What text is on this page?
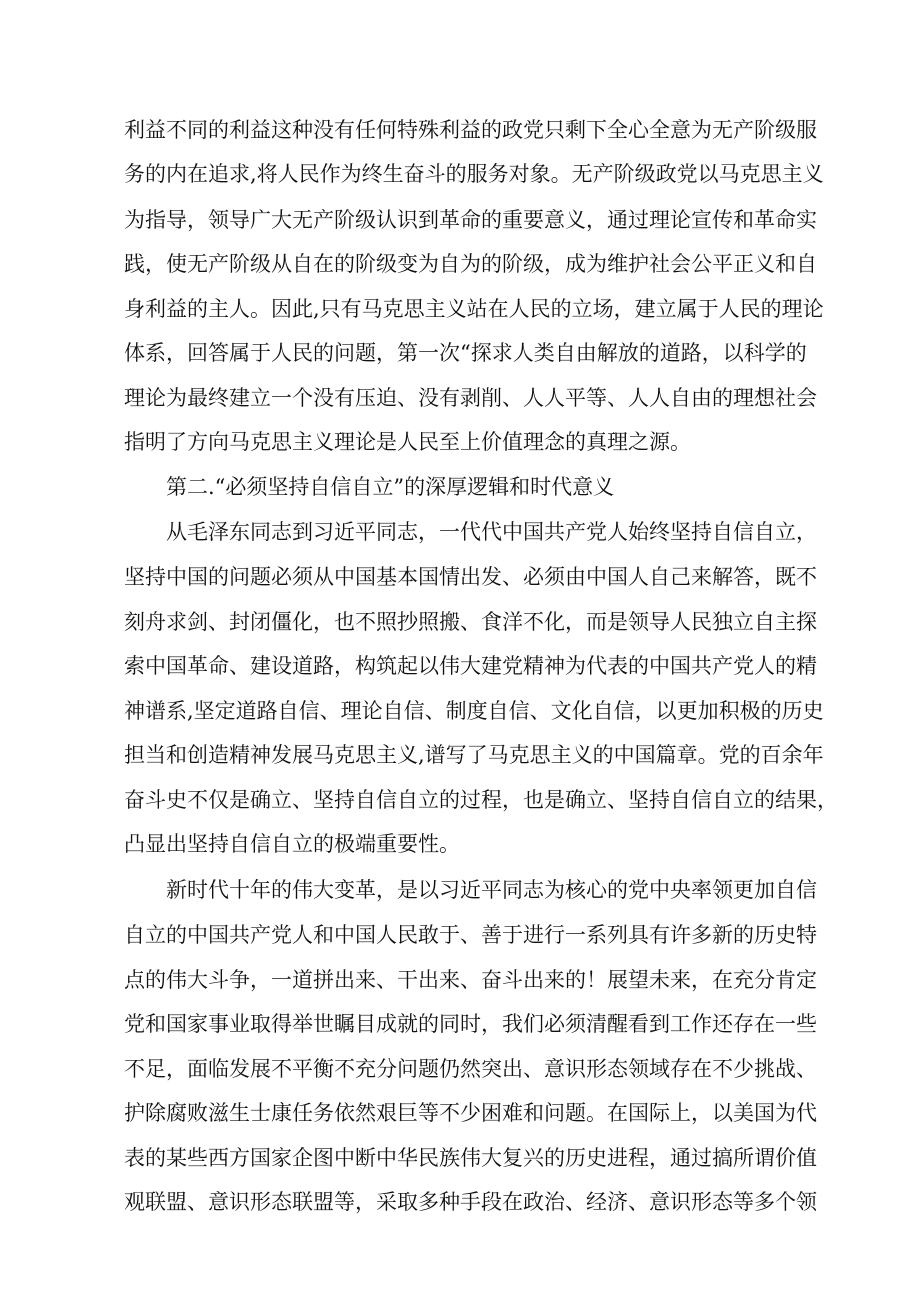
利益不同的利益这种没有任何特殊利益的政党只剩下全心全意为无产阶级服
务的内在追求,将人民作为终生奋斗的服务对象。无产阶级政党以马克思主义
为指导，领导广大无产阶级认识到革命的重要意义，通过理论宣传和革命实
践，使无产阶级从自在的阶级变为自为的阶级，成为维护社会公平正义和自
身利益的主人。因此,只有马克思主义站在人民的立场，建立属于人民的理论
体系，回答属于人民的问题，第一次“探求人类自由解放的道路，以科学的
理论为最终建立一个没有压迫、没有剥削、人人平等、人人自由的理想社会
指明了方向马克思主义理论是人民至上价值理念的真理之源。
第二.“必须坚持自信自立”的深厚逻辑和时代意义
从毛泽东同志到习近平同志，一代代中国共产党人始终坚持自信自立，
坚持中国的问题必须从中国基本国情出发、必须由中国人自己来解答，既不
刻舟求剑、封闭僵化，也不照抄照搬、食洋不化，而是领导人民独立自主探
索中国革命、建设道路，构筑起以伟大建党精神为代表的中国共产党人的精
神谱系,坚定道路自信、理论自信、制度自信、文化自信，以更加积极的历史
担当和创造精神发展马克思主义,谱写了马克思主义的中国篇章。党的百余年
奋斗史不仅是确立、坚持自信自立的过程，也是确立、坚持自信自立的结果，
凸显出坚持自信自立的极端重要性。
新时代十年的伟大变革，是以习近平同志为核心的党中央率领更加自信
自立的中国共产党人和中国人民敢于、善于进行一系列具有许多新的历史特
点的伟大斗争，一道拼出来、干出来、奋斗出来的！展望未来，在充分肯定
党和国家事业取得举世瞩目成就的同时，我们必须清醒看到工作还存在一些
不足，面临发展不平衡不充分问题仍然突出、意识形态领域存在不少挑战、
护除腐败滋生士康任务依然艰巨等不少困难和问题。在国际上，以美国为代
表的某些西方国家企图中断中华民族伟大复兴的历史进程，通过搞所谓价值
观联盟、意识形态联盟等，采取多种手段在政治、经济、意识形态等多个领
